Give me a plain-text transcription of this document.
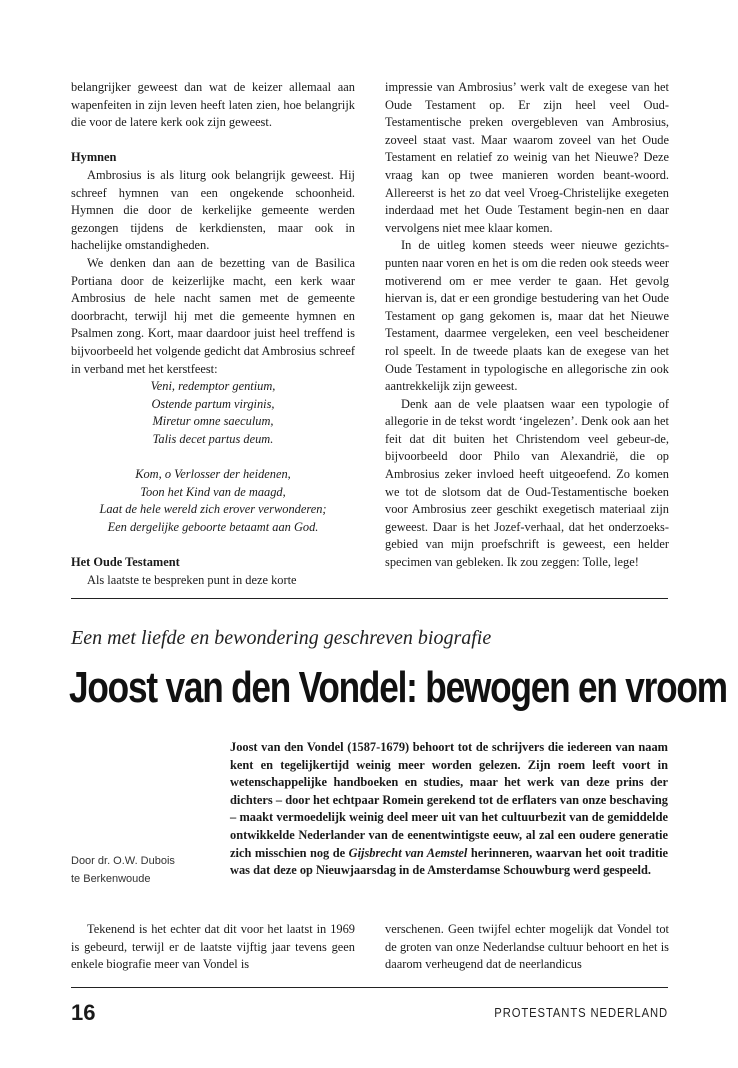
belangrijker geweest dan wat de keizer allemaal aan wapenfeiten in zijn leven heeft laten zien, hoe belangrijk die voor de latere kerk ook zijn geweest.

Hymnen

Ambrosius is als liturg ook belangrijk geweest. Hij schreef hymnen van een ongekende schoonheid. Hymnen die door de kerkelijke gemeente werden gezongen tijdens de kerkdiensten, maar ook in hachelijke omstandigheden.

We denken dan aan de bezetting van de Basilica Portiana door de keizerlijke macht, een kerk waar Ambrosius de hele nacht samen met de gemeente doorbracht, terwijl hij met die gemeente hymnen en Psalmen zong. Kort, maar daardoor juist heel treffend is bijvoorbeeld het volgende gedicht dat Ambrosius schreef in verband met het kerstfeest:

Veni, redemptor gentium,
Ostende partum virginis,
Miretur omne saeculum,
Talis decet partus deum.
Kom, o Verlosser der heidenen,
Toon het Kind van de maagd,
Laat de hele wereld zich erover verwonderen;
Een dergelijke geboorte betaamt aan God.
Het Oude Testament

Als laatste te bespreken punt in deze korte

impressie van Ambrosius’ werk valt de exegese van het Oude Testament op. Er zijn heel veel Oud-Testamentische preken overgebleven van Ambrosius, zoveel staat vast. Maar waarom zoveel van het Oude Testament en relatief zo weinig van het Nieuwe? Deze vraag kan op twee manieren worden beant-woord. Allereerst is het zo dat veel Vroeg-Christelijke exegeten inderdaad met het Oude Testament begin-nen en daar vervolgens niet mee klaar komen.

In de uitleg komen steeds weer nieuwe gezichts-punten naar voren en het is om die reden ook steeds weer motiverend om er mee verder te gaan. Het gevolg hiervan is, dat er een grondige bestudering van het Oude Testament op gang gekomen is, maar dat het Nieuwe Testament, daarmee vergeleken, een veel bescheidener rol speelt. In de tweede plaats kan de exegese van het Oude Testament in typologische en allegorische zin ook aantrekkelijk zijn geweest.

Denk aan de vele plaatsen waar een typologie of allegorie in de tekst wordt ‘ingelezen’. Denk ook aan het feit dat dit buiten het Christendom veel gebeur-de, bijvoorbeeld door Philo van Alexandrië, die op Ambrosius zeker invloed heeft uitgeoefend. Zo komen we tot de slotsom dat de Oud-Testamentische boeken voor Ambrosius zeer geschikt exegetisch materiaal zijn geweest. Daar is het Jozef-verhaal, dat het onderzoeks-gebied van mijn proefschrift is geweest, een helder specimen van gebleken. Ik zou zeggen: Tolle, lege!

Een met liefde en bewondering geschreven biografie
Joost van den Vondel: bewogen en vroom
Door dr. O.W. Dubois
te Berkenwoude
Joost van den Vondel (1587-1679) behoort tot de schrijvers die iedereen van naam kent en tegelijkertijd weinig meer worden gelezen. Zijn roem leeft voort in wetenschappelijke handboeken en studies, maar het werk van deze prins der dichters – door het echtpaar Romein gerekend tot de erflaters van onze beschaving – maakt vermoedelijk weinig deel meer uit van het cultuurbezit van de gemiddelde ontwikkelde Nederlander van de eenentwintigste eeuw, al zal een oudere generatie zich misschien nog de Gijsbrecht van Aemstel herinneren, waarvan het ooit traditie was dat deze op Nieuwjaarsdag in de Amsterdamse Schouwburg werd gespeeld.

Tekenend is het echter dat dit voor het laatst in 1969 is gebeurd, terwijl er de laatste vijftig jaar tevens geen enkele biografie meer van Vondel is

verschenen. Geen twijfel echter mogelijk dat Vondel tot de groten van onze Nederlandse cultuur behoort en het is daarom verheugend dat de neerlandicus

16	PROTESTANTS NEDERLAND
